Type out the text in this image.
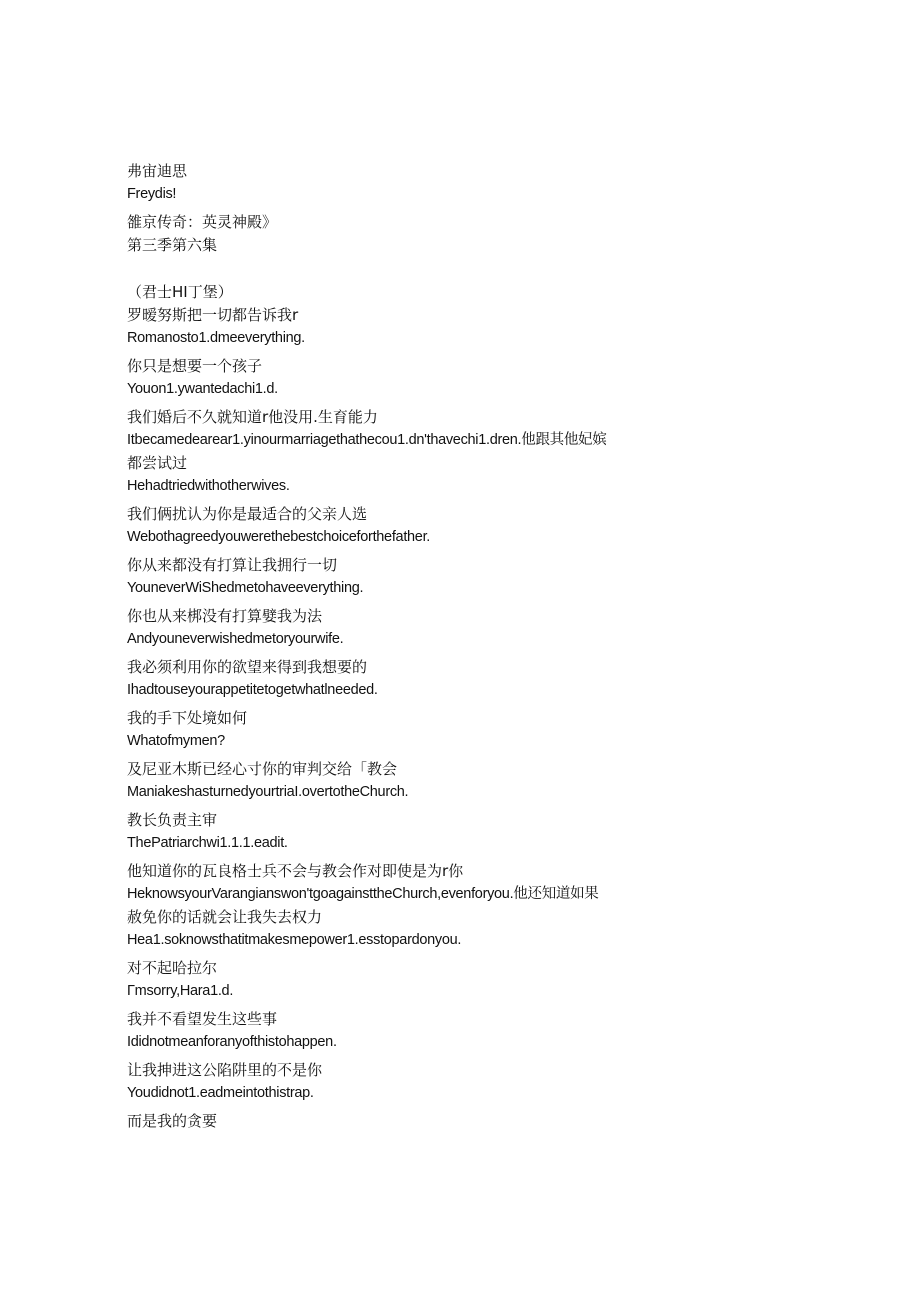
弗宙迪思
Freydis!
雒京传奇：英灵神殿》
第三季第六集
（君士HI丁堡）
罗暧努斯把一切都告诉我r
Romanosto1.dmeeverything.
你只是想要一个孩子
Youon1.ywantedachi1.d.
我们婚后不久就知道r他没用.生育能力
Itbecamedearear1.yinourmarriagethathecou1.dn'thavechi1.dren.他跟其他妃嫔
都尝试过
Hehadtriedwithotherwives.
我们俩扰认为你是最适合的父亲人选
Webothagreedyouwerethebestchoiceforthefather.
你从来都没有打算让我拥行一切
YouneverWiShedmetohaveeverything.
你也从来梆没有打算嬖我为法
Andyouneverwishedmetoryourwife.
我必须利用你的欲望来得到我想要的
Ihadtouseyourappetitetogetwhatlneeded.
我的手下处境如何
Whatofmymen?
及尼亚木斯已经心寸你的审判交给「教会
ManiakeshasturnedyourtriaI.overtotheChurch.
教长负责主审
ThePatriarchwi1.1.1.eadit.
他知道你的瓦良格士兵不会与教会作对即使是为r你
HeknowsyourVarangianswon'tgoagainsttheChurch,evenforyou.他还知道如果
赦免你的话就会让我失去权力
Hea1.soknowsthatitmakesmepower1.esstopardonyou.
对不起哈拉尔
Γmsorry,Hara1.d.
我并不看望发生这些事
Ididnotmeanforanyofthistohappen.
让我抻进这公陷阱里的不是你
Youdidnot1.eadmeintothistrap.
而是我的贪要
